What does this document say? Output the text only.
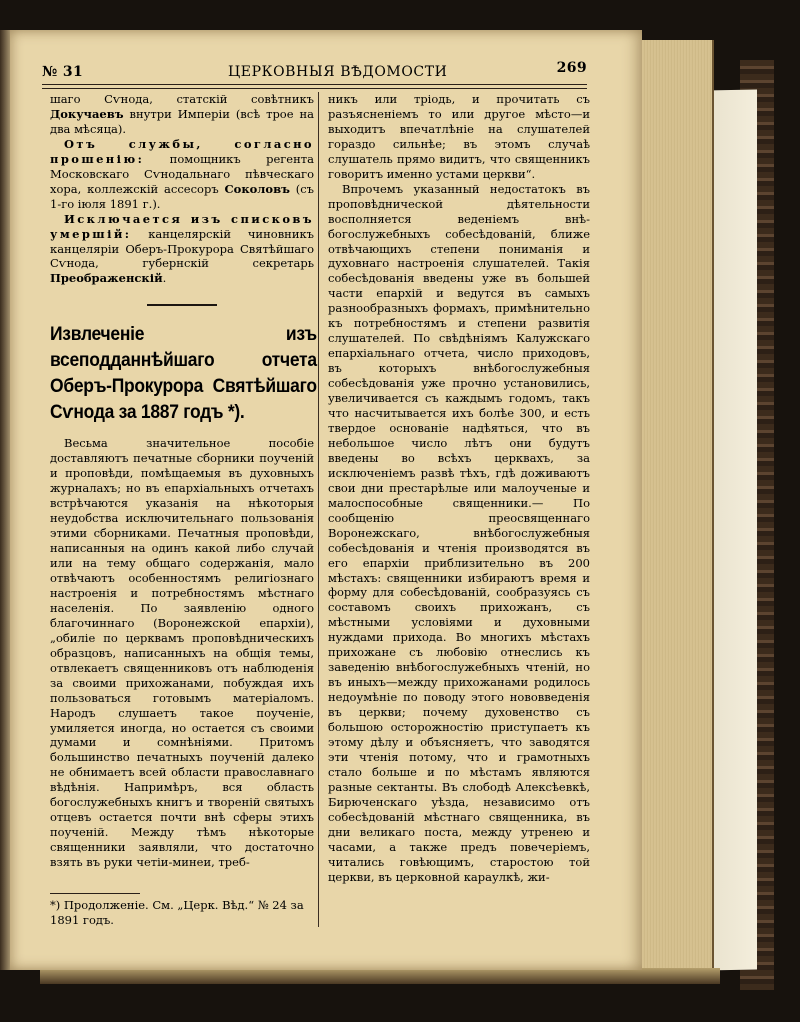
№ 31	ЦЕРКОВНЫЯ ВѢДОМОСТИ	269

шаго Сѵнода, статскій совѣтникъ Докучаевъ внутри Имперіи (всѣ трое на два мѣсяца).

Отъ службы, согласно прошенію: помощникъ регента Московскаго Сѵнодальнаго пѣвческаго хора, коллежскій ассесоръ Соколовъ (съ 1-го іюля 1891 г.).

Исключается изъ списковъ умершій: канцелярскій чиновникъ канцеляріи Оберъ-Прокурора Святѣйшаго Сѵнода, губернскій секретарь Преображенскій.

Извлеченіе изъ всеподданнѣйшаго отчета Оберъ-Прокурора Святѣйшаго Сѵнода за 1887 годъ *).

Весьма значительное пособіе доставляютъ печатные сборники поученій и проповѣди, помѣщаемыя въ духовныхъ журналахъ; но въ епархіальныхъ отчетахъ встрѣчаются указанія на нѣкоторыя неудобства исключительнаго пользованія этими сборниками. Печатныя проповѣди, написанныя на одинъ какой либо случай или на тему общаго содержанія, мало отвѣчаютъ особенностямъ религіознаго настроенія и потребностямъ мѣстнаго населенія. По заявленію одного благочиннаго (Воронежской епархіи), „обиліе по церквамъ проповѣдническихъ образцовъ, написанныхъ на общія темы, отвлекаетъ священниковъ отъ наблюденія за своими прихожанами, побуждая ихъ пользоваться готовымъ матеріаломъ. Народъ слушаетъ такое поученіе, умиляется иногда, но остается съ своими думами и сомнѣніями. Притомъ большинство печатныхъ поученій далеко не обнимаетъ всей области православнаго вѣдѣнія. Напримѣръ, вся область богослужебныхъ книгъ и твореній святыхъ отцевъ остается почти внѣ сферы этихъ поученій. Между тѣмъ нѣкоторые священники заявляли, что достаточно взять въ руки четіи-минеи, треб-

*) Продолженіе. См. „Церк. Вѣд.“ № 24 за 1891 годъ.

никъ или тріодь, и прочитать съ разъясненіемъ то или другое мѣсто—и выходитъ впечатлѣніе на слушателей гораздо сильнѣе; въ этомъ случаѣ слушатель прямо видитъ, что священникъ говоритъ именно устами церкви“.

Впрочемъ указанный недостатокъ въ проповѣднической дѣятельности восполняется веденіемъ внѣ-богослужебныхъ собесѣдованій, ближе отвѣчающихъ степени пониманія и духовнаго настроенія слушателей. Такія собесѣдованія введены уже въ большей части епархій и ведутся въ самыхъ разнообразныхъ формахъ, примѣнительно къ потребностямъ и степени развитія слушателей. По свѣдѣніямъ Калужскаго епархіальнаго отчета, число приходовъ, въ которыхъ внѣбогослужебныя собесѣдованія уже прочно установились, увеличивается съ каждымъ годомъ, такъ что насчитывается ихъ болѣе 300, и есть твердое основаніе надѣяться, что въ небольшое число лѣтъ они будутъ введены во всѣхъ церквахъ, за исключеніемъ развѣ тѣхъ, гдѣ доживаютъ свои дни престарѣлые или малоученые и малоспособные священники.— По сообщенію преосвященнаго Воронежскаго, внѣбогослужебныя собесѣдованія и чтенія производятся въ его епархіи приблизительно въ 200 мѣстахъ: священники избираютъ время и форму для собесѣдованій, сообразуясь съ составомъ своихъ прихожанъ, съ мѣстными условіями и духовными нуждами прихода. Во многихъ мѣстахъ прихожане съ любовію отнеслись къ заведенію внѣбогослужебныхъ чтеній, но въ иныхъ—между прихожанами родилось недоумѣніе по поводу этого нововведенія въ церкви; почему духовенство съ большою осторожностію приступаетъ къ этому дѣлу и объясняетъ, что заводятся эти чтенія потому, что и грамотныхъ стало больше и по мѣстамъ являются разные сектанты. Въ слободѣ Алексѣевкѣ, Бирюченскаго уѣзда, независимо отъ собесѣдованій мѣстнаго священника, въ дни великаго поста, между утренею и часами, а также предъ повечеріемъ, читались говѣющимъ, старостою той церкви, въ церковной караулкѣ, жи-
